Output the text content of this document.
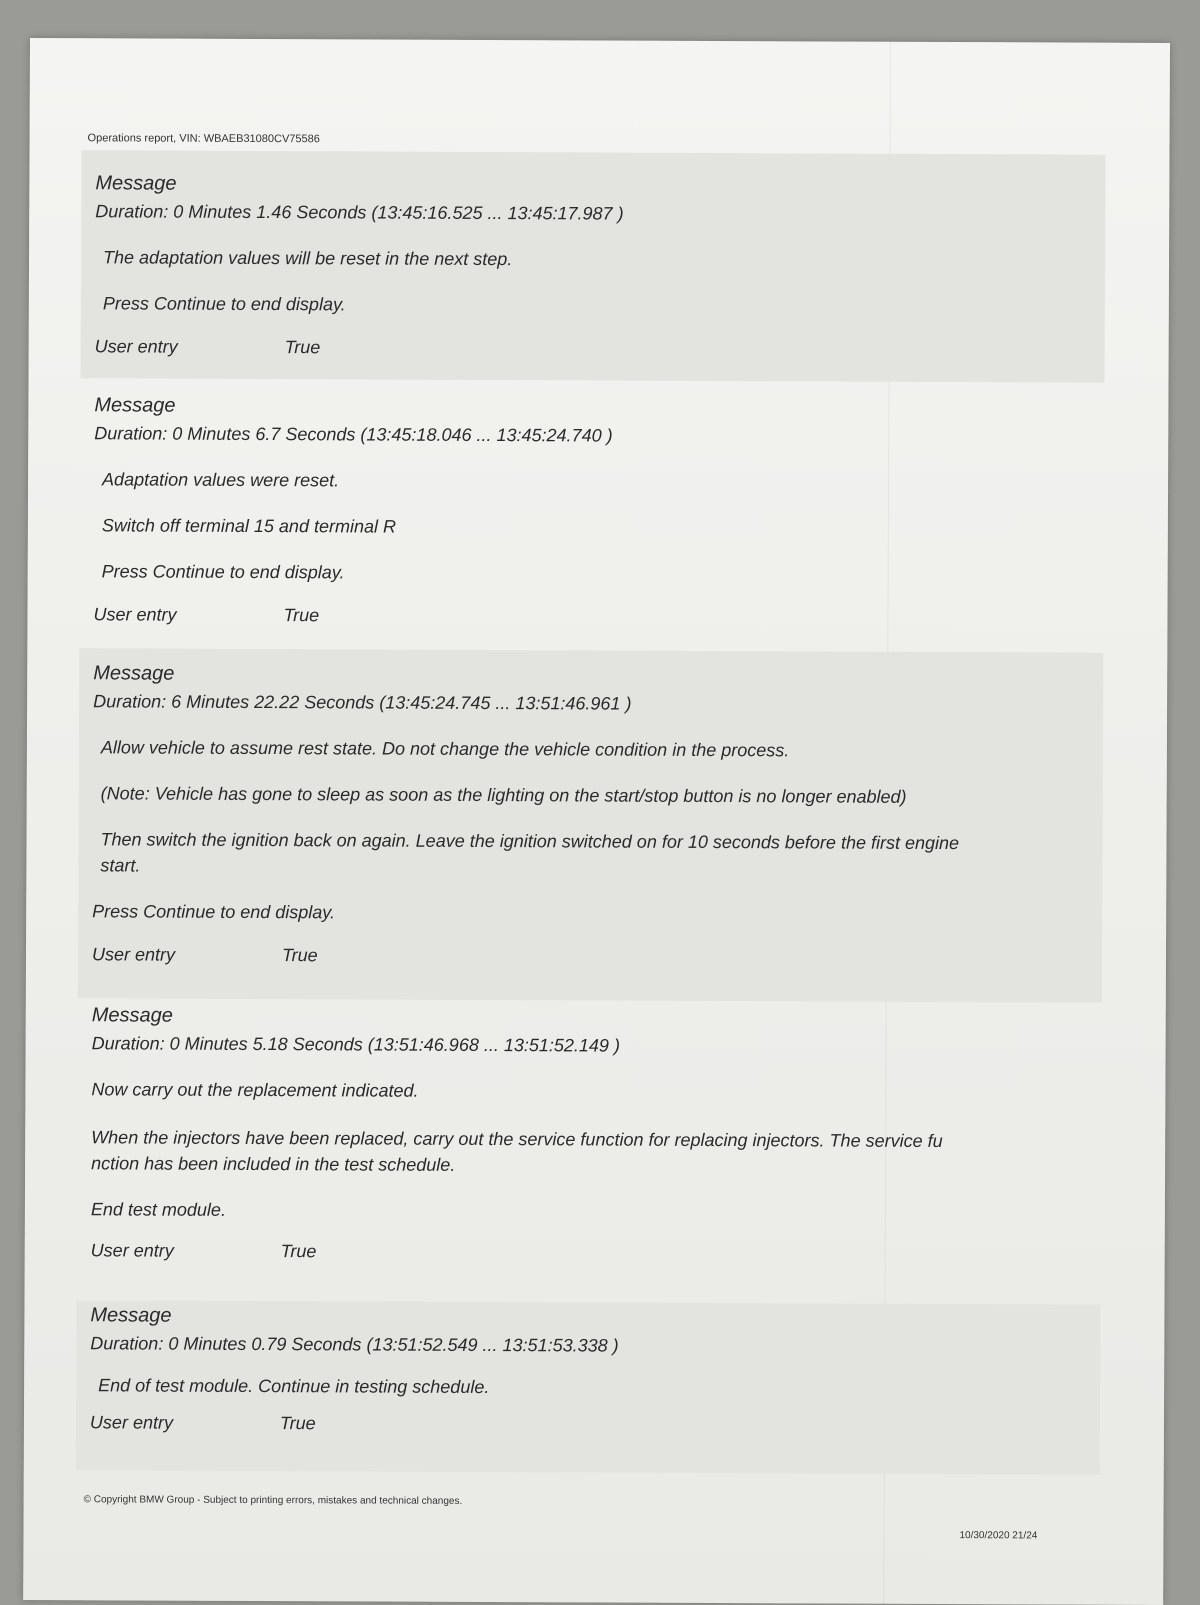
Operations report, VIN: WBAEB31080CV75586

Message

Duration: 0 Minutes 1.46 Seconds (13:45:16.525 ... 13:45:17.987 )

The adaptation values will be reset in the next step.

Press Continue to end display.

User entry	True

Message

Duration: 0 Minutes 6.7 Seconds (13:45:18.046 ... 13:45:24.740 )

Adaptation values were reset.

Switch off terminal 15 and terminal R

Press Continue to end display.

User entry	True

Message

Duration: 6 Minutes 22.22 Seconds (13:45:24.745 ... 13:51:46.961 )

Allow vehicle to assume rest state. Do not change the vehicle condition in the process.

(Note: Vehicle has gone to sleep as soon as the lighting on the start/stop button is no longer enabled)

Then switch the ignition back on again. Leave the ignition switched on for 10 seconds before the first engine

start.

Press Continue to end display.

User entry	True

Message

Duration: 0 Minutes 5.18 Seconds (13:51:46.968 ... 13:51:52.149 )

Now carry out the replacement indicated.

When the injectors have been replaced, carry out the service function for replacing injectors. The service fu

nction has been included in the test schedule.

End test module.

User entry	True

Message

Duration: 0 Minutes 0.79 Seconds (13:51:52.549 ... 13:51:53.338 )

End of test module. Continue in testing schedule.

User entry	True
© Copyright BMW Group - Subject to printing errors, mistakes and technical changes.
10/30/2020 21/24
